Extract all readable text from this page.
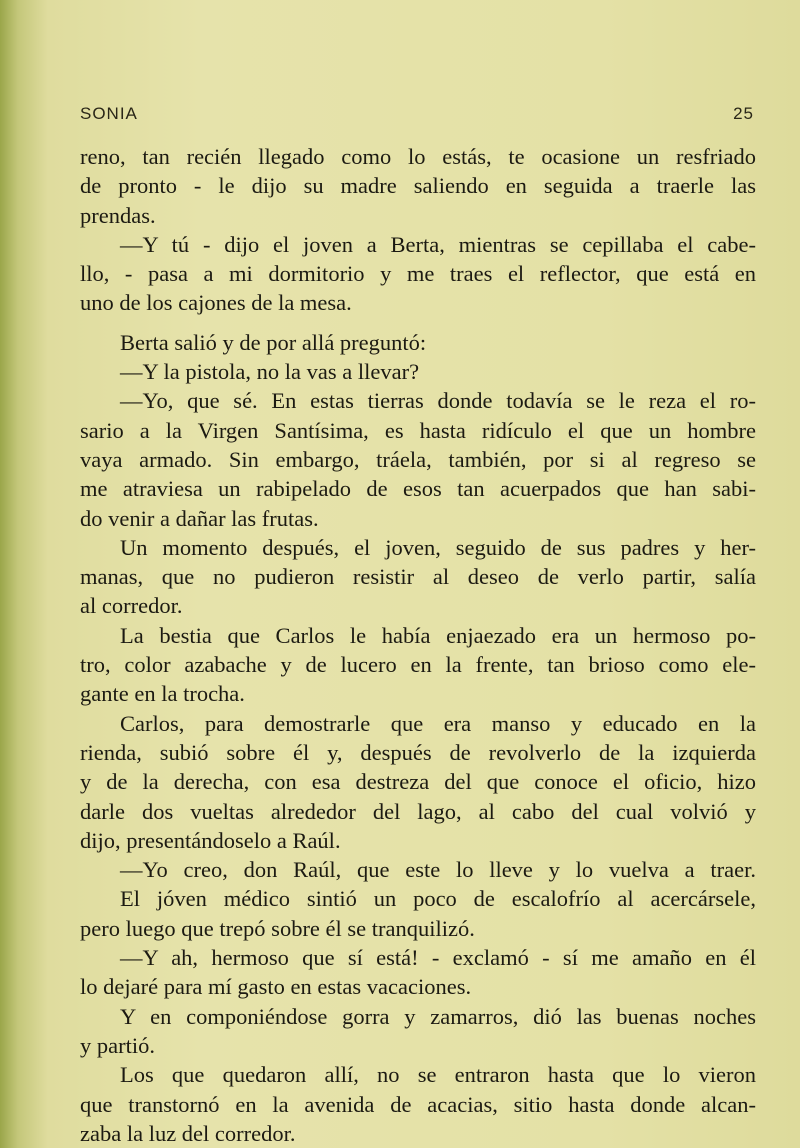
SONIA	25
reno, tan recién llegado como lo estás, te ocasione un resfriado
de pronto - le dijo su madre saliendo en seguida a traerle las
prendas.
—Y tú - dijo el joven a Berta, mientras se cepillaba el cabe-
llo, - pasa a mi dormitorio y me traes el reflector, que está en
uno de los cajones de la mesa.
Berta salió y de por allá preguntó:
—Y la pistola, no la vas a llevar?
—Yo, que sé. En estas tierras donde todavía se le reza el ro-
sario a la Virgen Santísima, es hasta ridículo el que un hombre
vaya armado. Sin embargo, tráela, también, por si al regreso se
me atraviesa un rabipelado de esos tan acuerpados que han sabi-
do venir a dañar las frutas.
Un momento después, el joven, seguido de sus padres y her-
manas, que no pudieron resistir al deseo de verlo partir, salía
al corredor.
La bestia que Carlos le había enjaezado era un hermoso po-
tro, color azabache y de lucero en la frente, tan brioso como ele-
gante en la trocha.
Carlos, para demostrarle que era manso y educado en la
rienda, subió sobre él y, después de revolverlo de la izquierda
y de la derecha, con esa destreza del que conoce el oficio, hizo
darle dos vueltas alrededor del lago, al cabo del cual volvió y
dijo, presentándoselo a Raúl.
—Yo creo, don Raúl, que este lo lleve y lo vuelva a traer.
El jóven médico sintió un poco de escalofrío al acercársele,
pero luego que trepó sobre él se tranquilizó.
—Y ah, hermoso que sí está! - exclamó - sí me amaño en él
lo dejaré para mí gasto en estas vacaciones.
Y en componiéndose gorra y zamarros, dió las buenas noches
y partió.
Los que quedaron allí, no se entraron hasta que lo vieron
que transtornó en la avenida de acacias, sitio hasta donde alcan-
zaba la luz del corredor.
